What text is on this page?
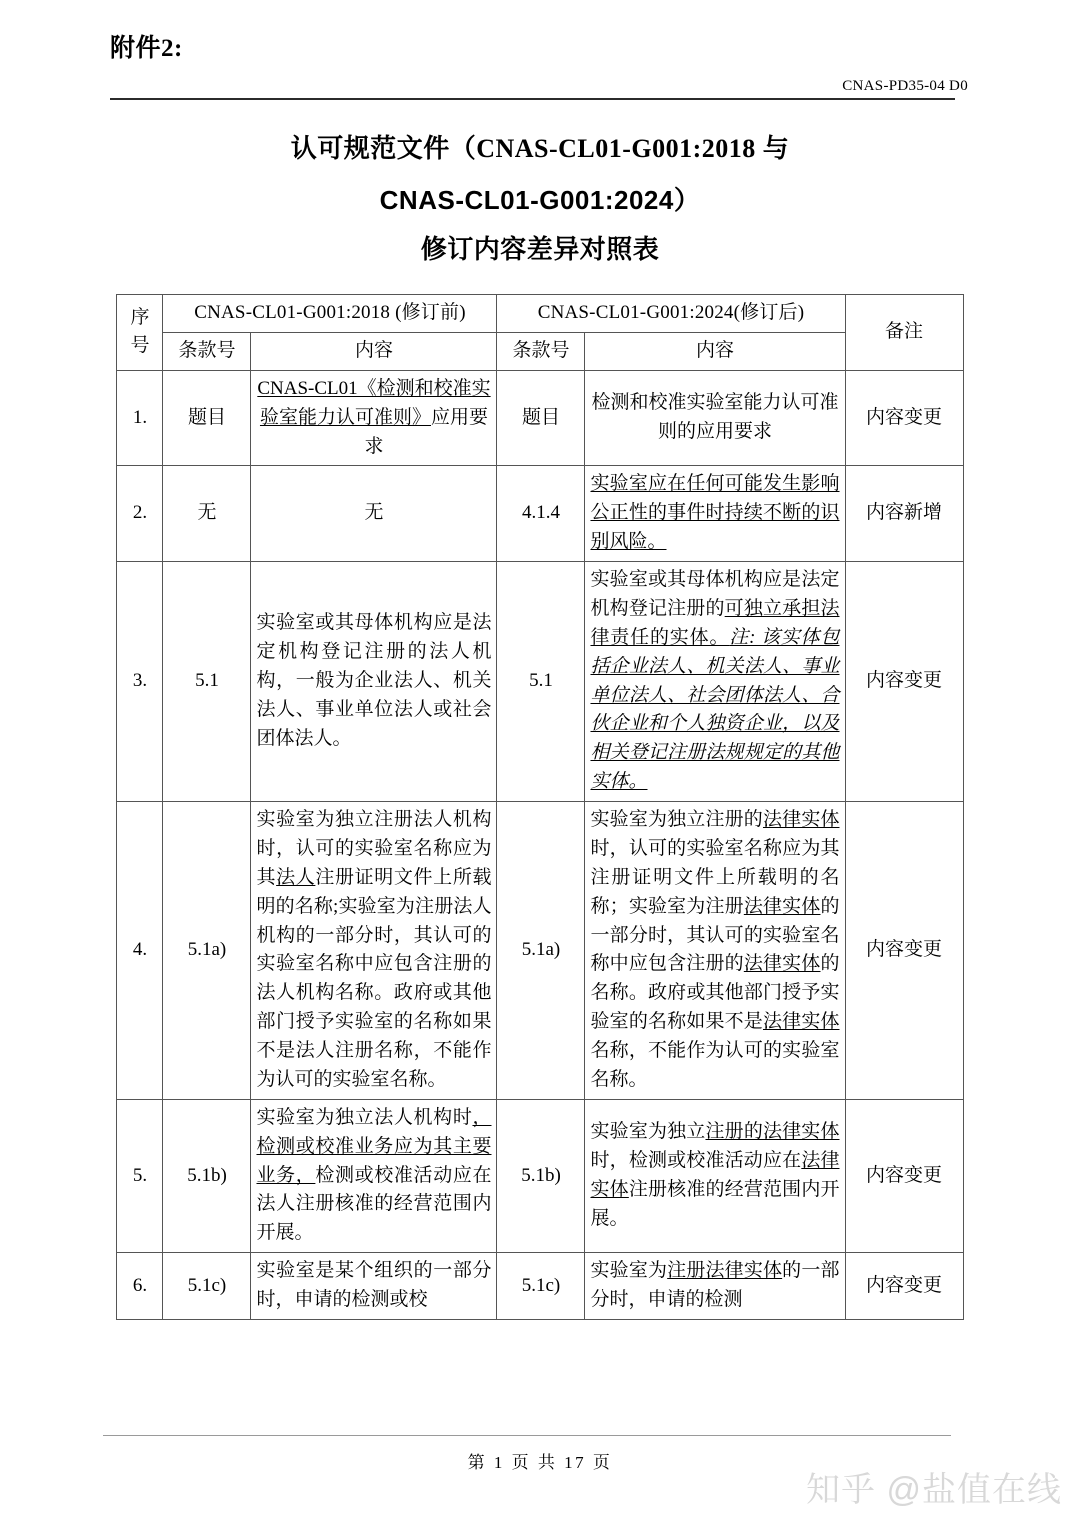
附件2:
CNAS-PD35-04 D0
认可规范文件（CNAS-CL01-G001:2018 与
CNAS-CL01-G001:2024）
修订内容差异对照表
序号	CNAS-CL01-G001:2018 (修订前)		CNAS-CL01-G001:2024(修订后)		备注
	条款号	内容	条款号	内容	
1.	题目	CNAS-CL01《检测和校准实验室能力认可准则》应用要求	题目	检测和校准实验室能力认可准则的应用要求	内容变更
2.	无	无	4.1.4	实验室应在任何可能发生影响公正性的事件时持续不断的识别风险。	内容新增
3.	5.1	实验室或其母体机构应是法定机构登记注册的法人机构，一般为企业法人、机关法人、事业单位法人或社会团体法人。	5.1	实验室或其母体机构应是法定机构登记注册的可独立承担法律责任的实体。注: 该实体包括企业法人、机关法人、事业单位法人、社会团体法人、合伙企业和个人独资企业，以及相关登记注册法规规定的其他实体。	内容变更
4.	5.1a)	实验室为独立注册法人机构时，认可的实验室名称应为其法人注册证明文件上所载明的名称;实验室为注册法人机构的一部分时，其认可的实验室名称中应包含注册的法人机构名称。政府或其他部门授予实验室的名称如果不是法人注册名称，不能作为认可的实验室名称。	5.1a)	实验室为独立注册的法律实体时，认可的实验室名称应为其注册证明文件上所载明的名称；实验室为注册法律实体的一部分时，其认可的实验室名称中应包含注册的法律实体的名称。政府或其他部门授予实验室的名称如果不是法律实体名称，不能作为认可的实验室名称。	内容变更
5.	5.1b)	实验室为独立法人机构时，检测或校准业务应为其主要业务，检测或校准活动应在法人注册核准的经营范围内开展。	5.1b)	实验室为独立注册的法律实体时，检测或校准活动应在法律实体注册核准的经营范围内开展。	内容变更
6.	5.1c)	实验室是某个组织的一部分时，申请的检测或校	5.1c)	实验室为注册法律实体的一部分时，申请的检测	内容变更
第 1 页 共 17 页
知乎 @盐值在线
